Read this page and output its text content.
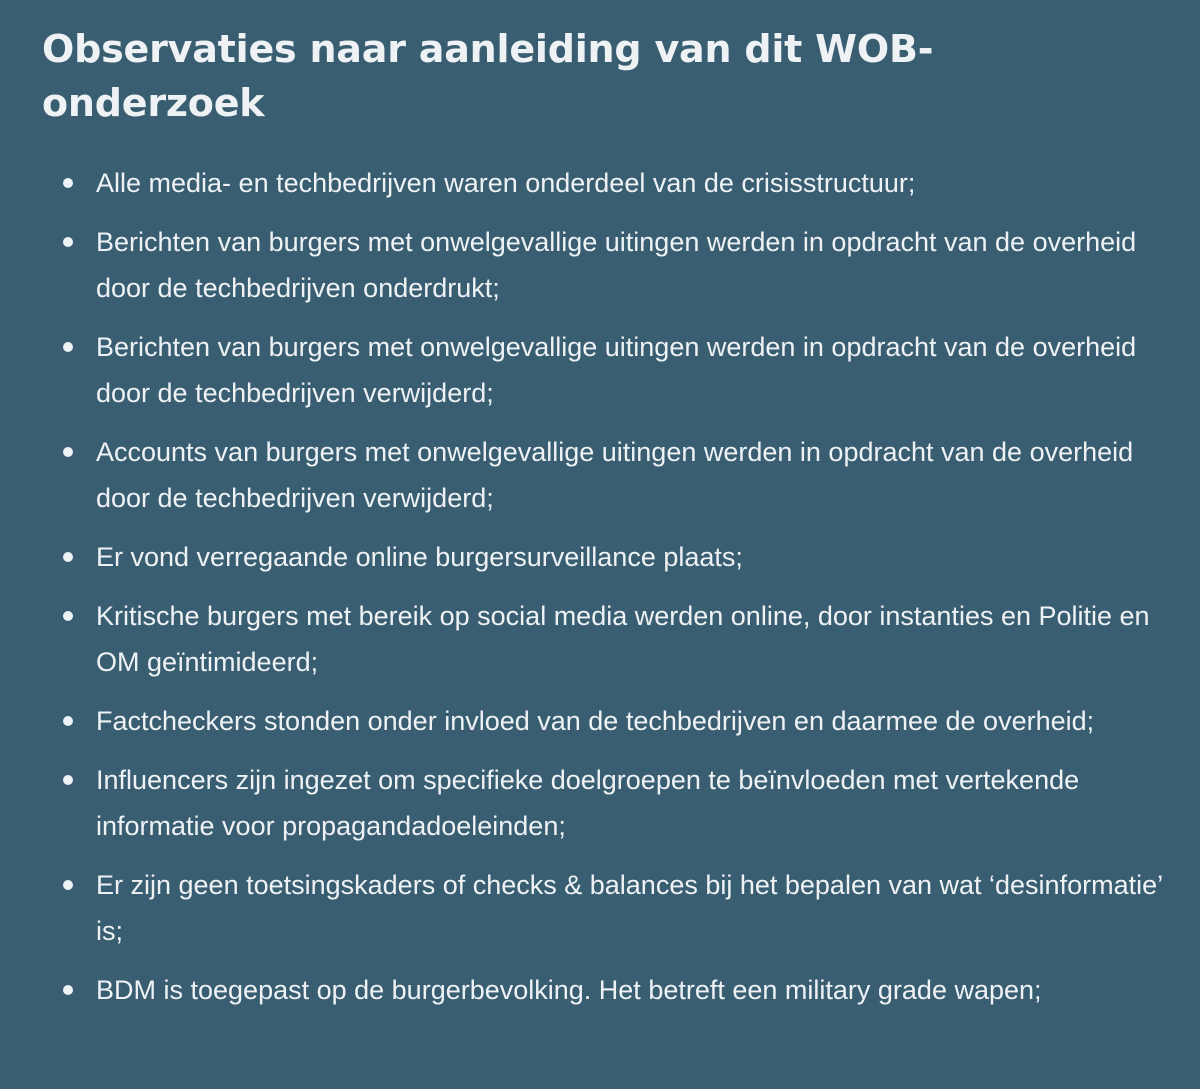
Observaties naar aanleiding van dit WOB-onderzoek
Alle media- en techbedrijven waren onderdeel van de crisisstructuur;
Berichten van burgers met onwelgevallige uitingen werden in opdracht van de overheid door de techbedrijven onderdrukt;
Berichten van burgers met onwelgevallige uitingen werden in opdracht van de overheid door de techbedrijven verwijderd;
Accounts van burgers met onwelgevallige uitingen werden in opdracht van de overheid door de techbedrijven verwijderd;
Er vond verregaande online burgersurveillance plaats;
Kritische burgers met bereik op social media werden online, door instanties en Politie en OM geïntimideerd;
Factcheckers stonden onder invloed van de techbedrijven en daarmee de overheid;
Influencers zijn ingezet om specifieke doelgroepen te beïnvloeden met vertekende informatie voor propagandadoeleinden;
Er zijn geen toetsingskaders of checks & balances bij het bepalen van wat ‘desinformatie’ is;
BDM is toegepast op de burgerbevolking. Het betreft een military grade wapen;
